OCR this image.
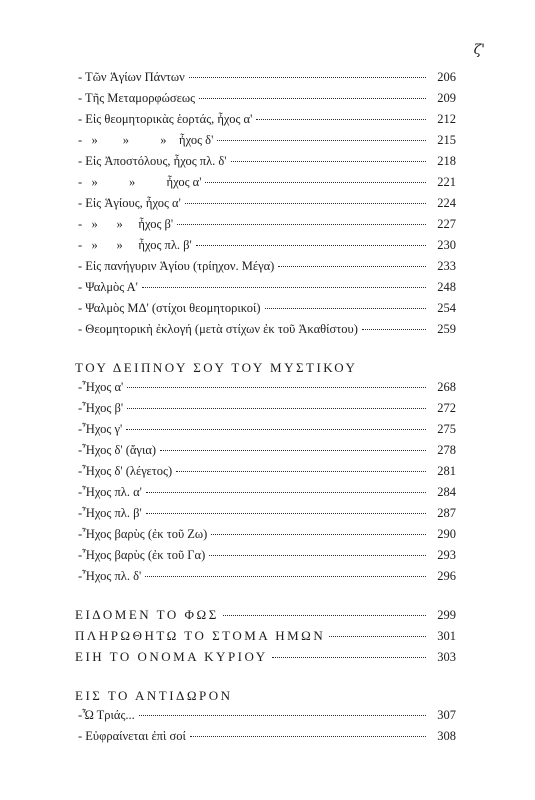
ζ'
- Τῶν Ἁγίων Πάντων	206
- Τῆς Μεταμορφώσεως	209
- Εἰς θεομητορικὰς ἑορτάς, ἦχος α'	212
-   »        »          »    ἦχος δ'	215
- Εἰς Ἀποστόλους, ἦχος πλ. δ'	218
-   »          »          ἦχος α'	221
- Εἰς Ἁγίους, ἦχος α'	224
-   »      »     ἦχος β'	227
-   »      »     ἦχος πλ. β'	230
- Εἰς πανήγυριν Ἁγίου (τρίηχον. Μέγα)	233
- Ψαλμὸς Α'	248
- Ψαλμὸς ΜΔ' (στίχοι θεομητορικοί)	254
- Θεομητορικὴ ἐκλογή (μετὰ στίχων ἐκ τοῦ Ἀκαθίστου)	259
ΤΟΥ ΔΕΙΠΝΟΥ ΣΟΥ ΤΟΥ ΜΥΣΤΙΚΟΥ
-Ἦχος α'	268
-Ἦχος β'	272
-Ἦχος γ'	275
-Ἦχος δ' (ἄγια)	278
-Ἦχος δ' (λέγετος)	281
-Ἦχος πλ. α'	284
-Ἦχος πλ. β'	287
-Ἦχος βαρὺς (ἐκ τοῦ Ζω)	290
-Ἦχος βαρὺς (ἐκ τοῦ Γα)	293
-Ἦχος πλ. δ'	296
ΕΙΔΟΜΕΝ ΤΟ ΦΩΣ	299
ΠΛΗΡΩΘΗΤΩ ΤΟ ΣΤΟΜΑ ΗΜΩΝ	301
ΕΙΗ ΤΟ ΟΝΟΜΑ ΚΥΡΙΟΥ	303
ΕΙΣ ΤΟ ΑΝΤΙΔΩΡΟΝ
-Ὦ Τριάς...	307
- Εὐφραίνεται ἐπὶ σοί	308
